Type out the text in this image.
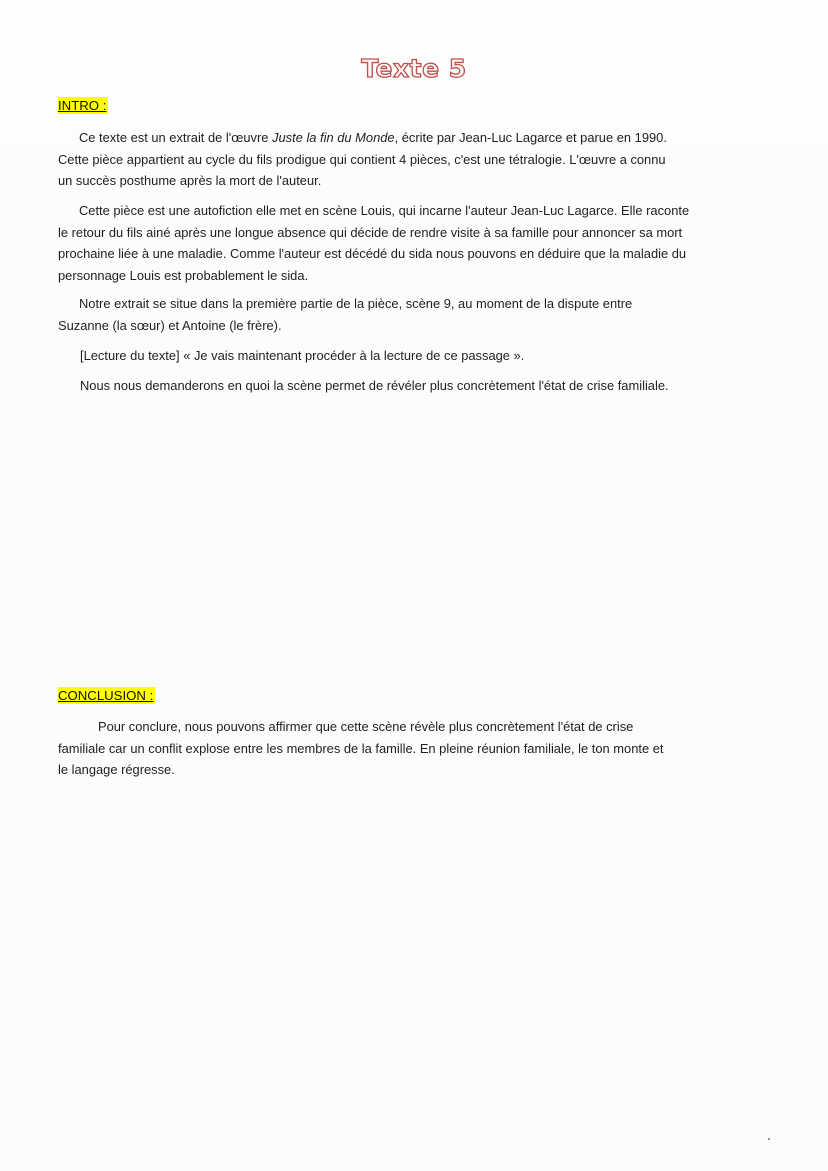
Texte 5
INTRO :

Ce texte est un extrait de l'œuvre Juste la fin du Monde, écrite par Jean-Luc Lagarce et parue en 1990.
Cette pièce appartient au cycle du fils prodigue qui contient 4 pièces, c'est une tétralogie. L'œuvre a connu
un succès posthume après la mort de l'auteur.

Cette pièce est une autofiction elle met en scène Louis, qui incarne l'auteur Jean-Luc Lagarce. Elle raconte
le retour du fils ainé après une longue absence qui décide de rendre visite à sa famille pour annoncer sa mort
prochaine liée à une maladie. Comme l'auteur est décédé du sida nous pouvons en déduire que la maladie du
personnage Louis est probablement le sida.

Notre extrait se situe dans la première partie de la pièce, scène 9, au moment de la dispute entre
Suzanne (la sœur) et Antoine (le frère).

[Lecture du texte] « Je vais maintenant procéder à la lecture de ce passage ».

Nous nous demanderons en quoi la scène permet de révéler plus concrètement l'état de crise familiale.

CONCLUSION :

Pour conclure, nous pouvons affirmer que cette scène révèle plus concrètement l'état de crise
familiale car un conflit explose entre les membres de la famille. En pleine réunion familiale, le ton monte et
le langage régresse.
